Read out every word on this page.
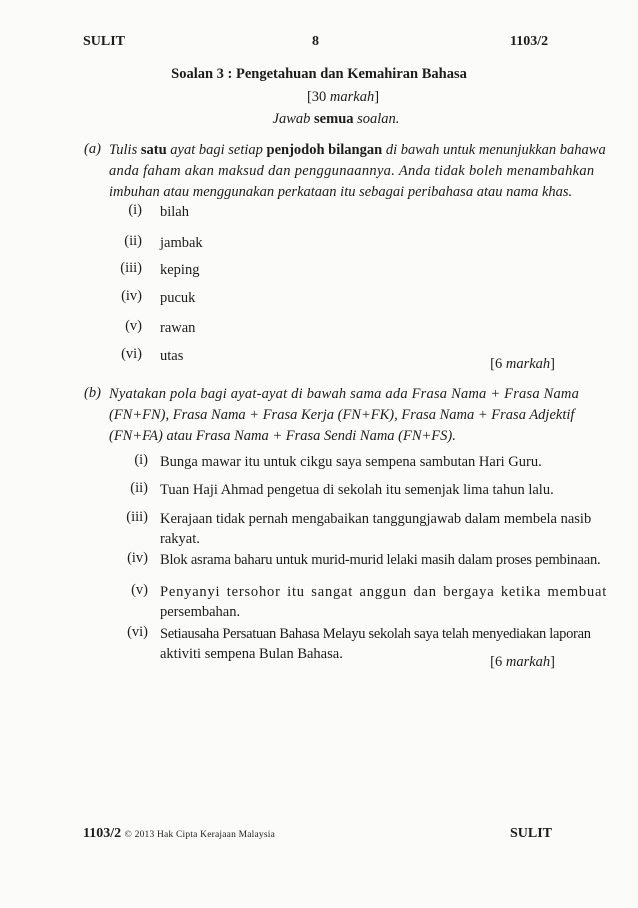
SULIT	8	1103/2
Soalan 3 : Pengetahuan dan Kemahiran Bahasa
[30 markah]
Jawab semua soalan.
(a) Tulis satu ayat bagi setiap penjodoh bilangan di bawah untuk menunjukkan bahawa
anda faham akan maksud dan penggunaannya. Anda tidak boleh menambahkan
imbuhan atau menggunakan perkataan itu sebagai peribahasa atau nama khas.
(i) bilah
(ii) jambak
(iii) keping
(iv) pucuk
(v) rawan
(vi) utas	[6 markah]
(b) Nyatakan pola bagi ayat-ayat di bawah sama ada Frasa Nama + Frasa Nama
(FN+FN), Frasa Nama + Frasa Kerja (FN+FK), Frasa Nama + Frasa Adjektif
(FN+FA) atau Frasa Nama + Frasa Sendi Nama (FN+FS).
(i) Bunga mawar itu untuk cikgu saya sempena sambutan Hari Guru.
(ii) Tuan Haji Ahmad pengetua di sekolah itu semenjak lima tahun lalu.
(iii) Kerajaan tidak pernah mengabaikan tanggungjawab dalam membela nasib
rakyat.
(iv) Blok asrama baharu untuk murid-murid lelaki masih dalam proses pembinaan.
(v) Penyanyi tersohor itu sangat anggun dan bergaya ketika membuat
persembahan.
(vi) Setiausaha Persatuan Bahasa Melayu sekolah saya telah menyediakan laporan
aktiviti sempena Bulan Bahasa.	[6 markah]
1103/2 © 2013 Hak Cipta Kerajaan Malaysia	SULIT
